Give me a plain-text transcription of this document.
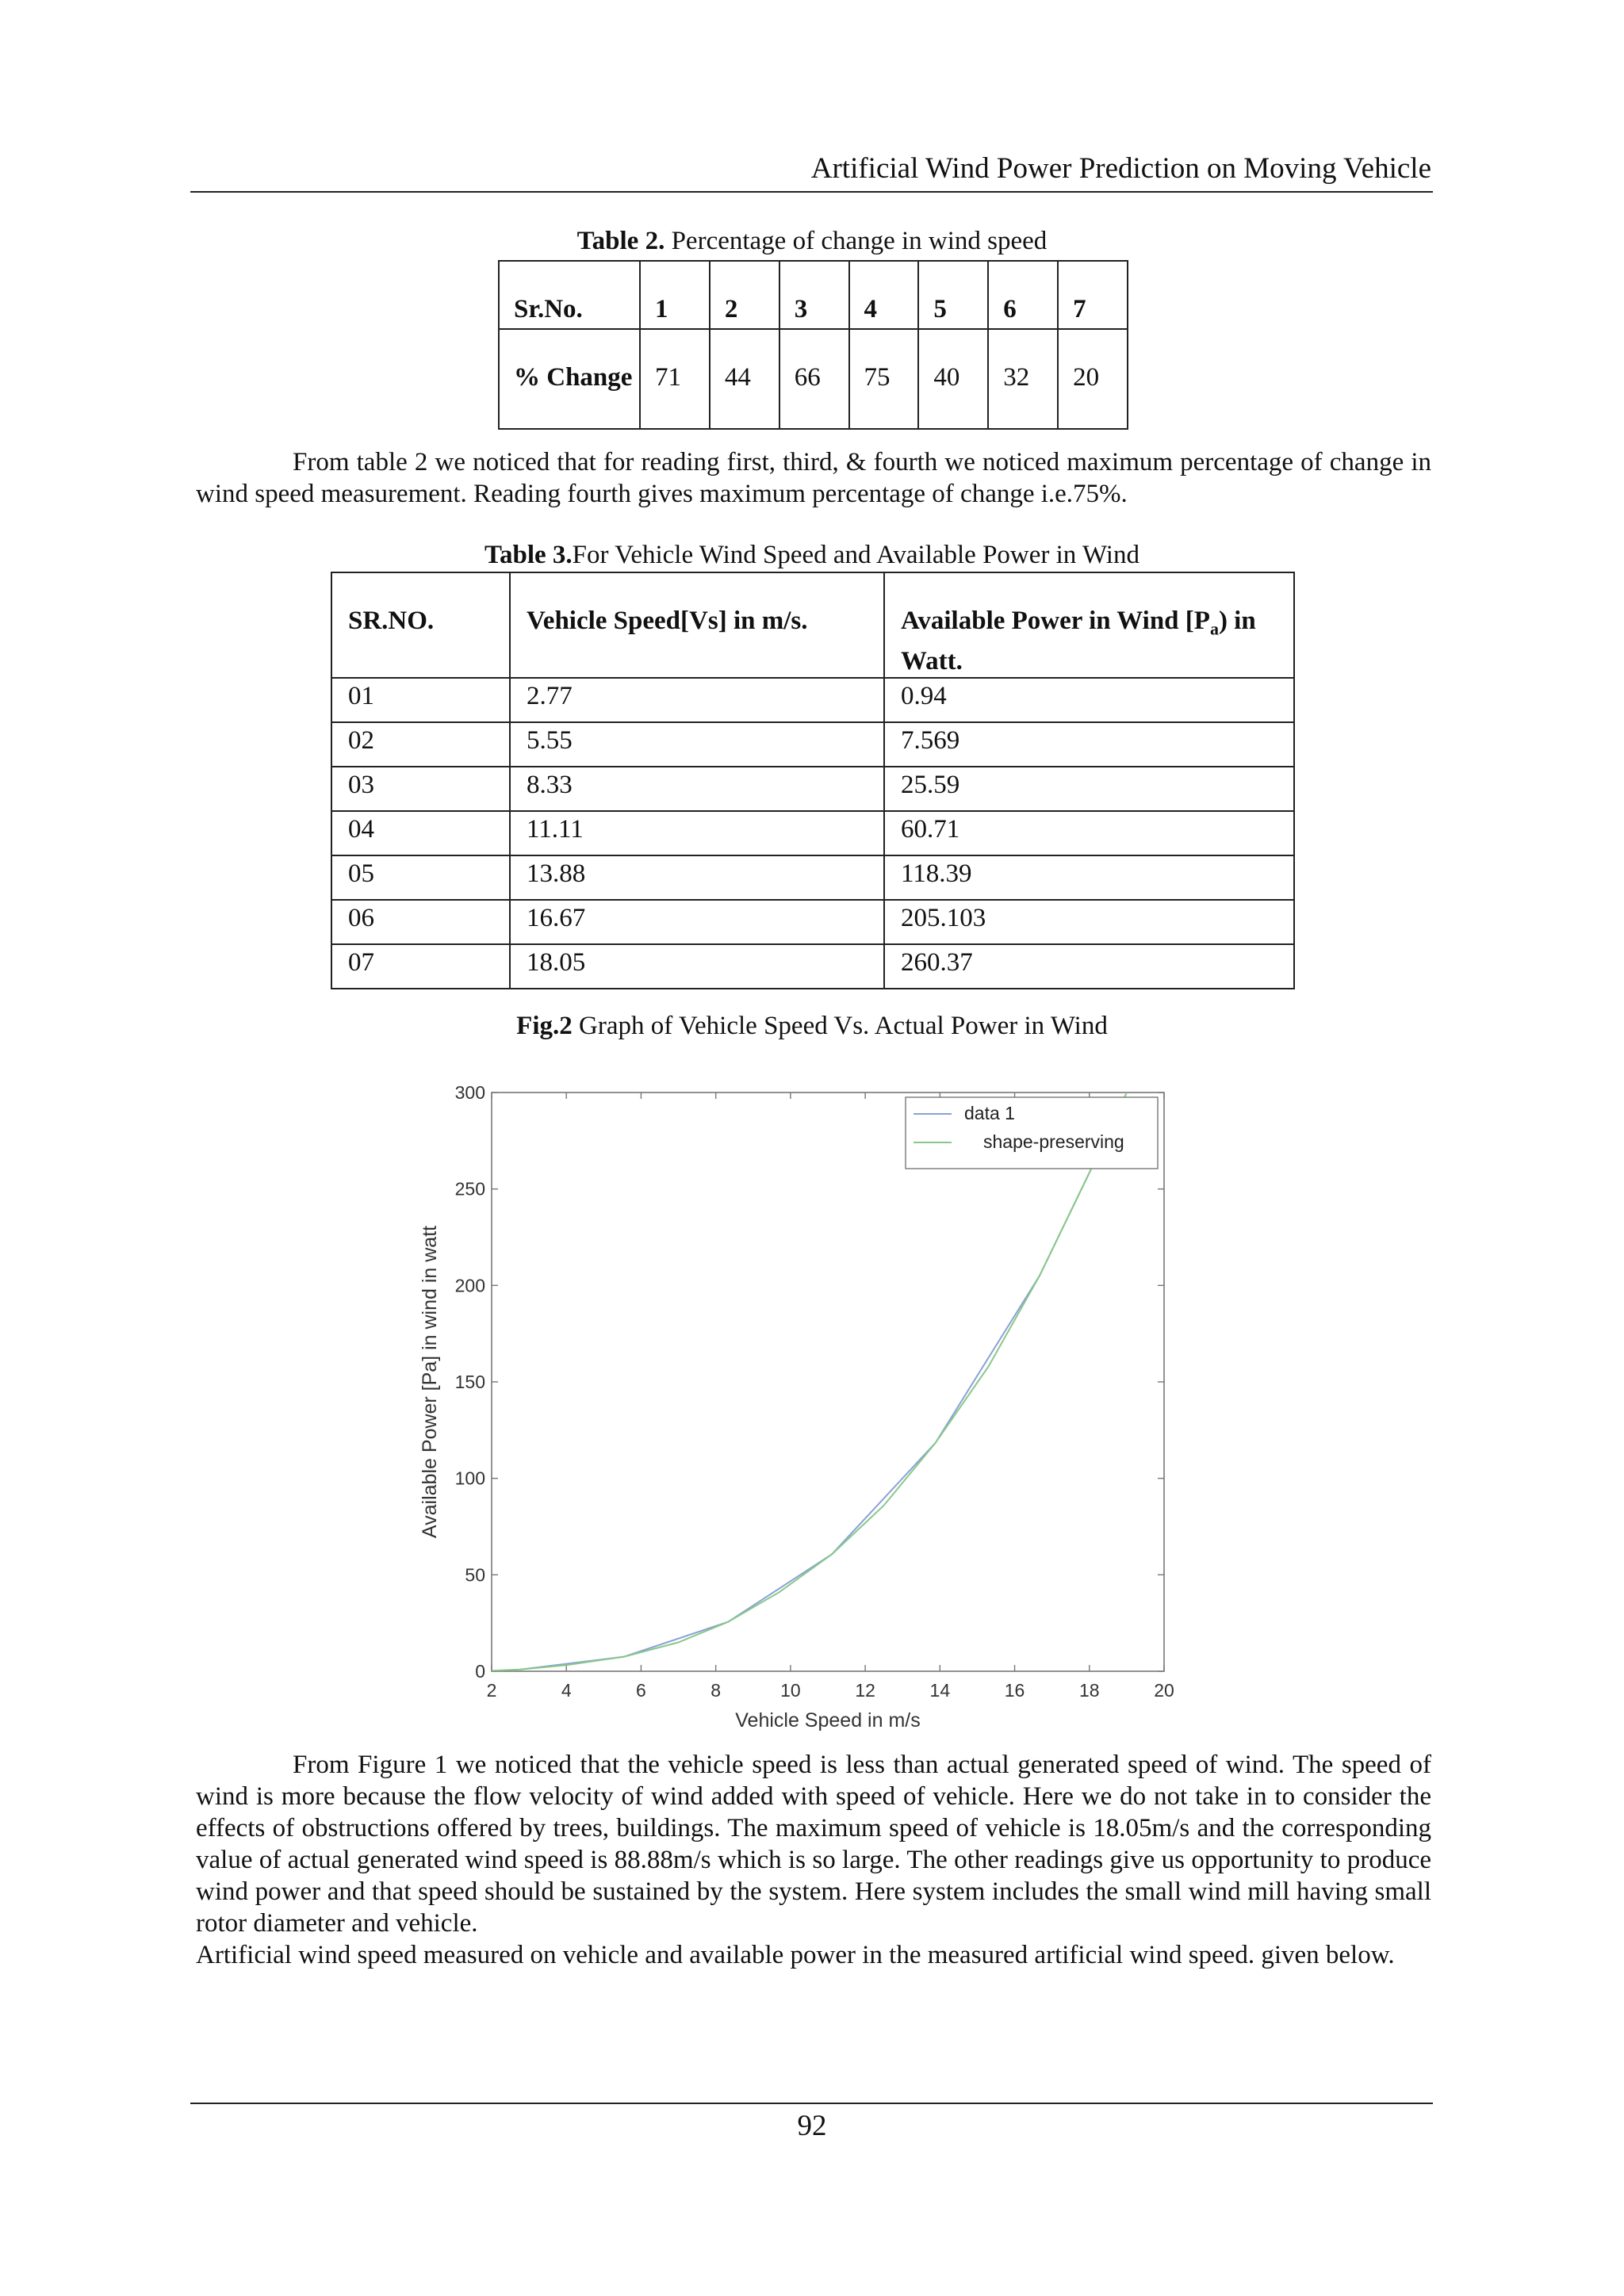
Artificial Wind Power Prediction on Moving Vehicle
Table 2. Percentage of change in wind speed
Sr.No.	1	2	3	4	5	6	7
% Change	71	44	66	75	40	32	20
From table 2 we noticed that for reading first, third, & fourth we noticed maximum percentage of change in wind speed measurement. Reading fourth gives maximum percentage of change i.e.75%.
Table 3.For Vehicle Wind Speed and Available Power in Wind
SR.NO.	Vehicle Speed[Vs] in m/s.	Available Power in Wind $[P_a)$ in Watt.
01	2.77	0.94
02	5.55	7.569
03	8.33	25.59
04	11.11	60.71
05	13.88	118.39
06	16.67	205.103
07	18.05	260.37
Fig.2 Graph of Vehicle Speed Vs. Actual Power in Wind
2	4	6	8	10	12	14	16	18	20
0
50
100
150
200
250
300
Vehicle Speed in m/s
Available Power [Pa] in wind in watt
data 1
shape-preserving
From Figure 1 we noticed that the vehicle speed is less than actual generated speed of wind. The speed of wind is more because the flow velocity of wind added with speed of vehicle. Here we do not take in to consider the effects of obstructions offered by trees, buildings. The maximum speed of vehicle is 18.05m/s and the corresponding value of actual generated wind speed is 88.88m/s which is so large. The other readings give us opportunity to produce wind power and that speed should be sustained by the system. Here system includes the small wind mill having small rotor diameter and vehicle.
Artificial wind speed measured on vehicle and available power in the measured artificial wind speed. given below.
92
